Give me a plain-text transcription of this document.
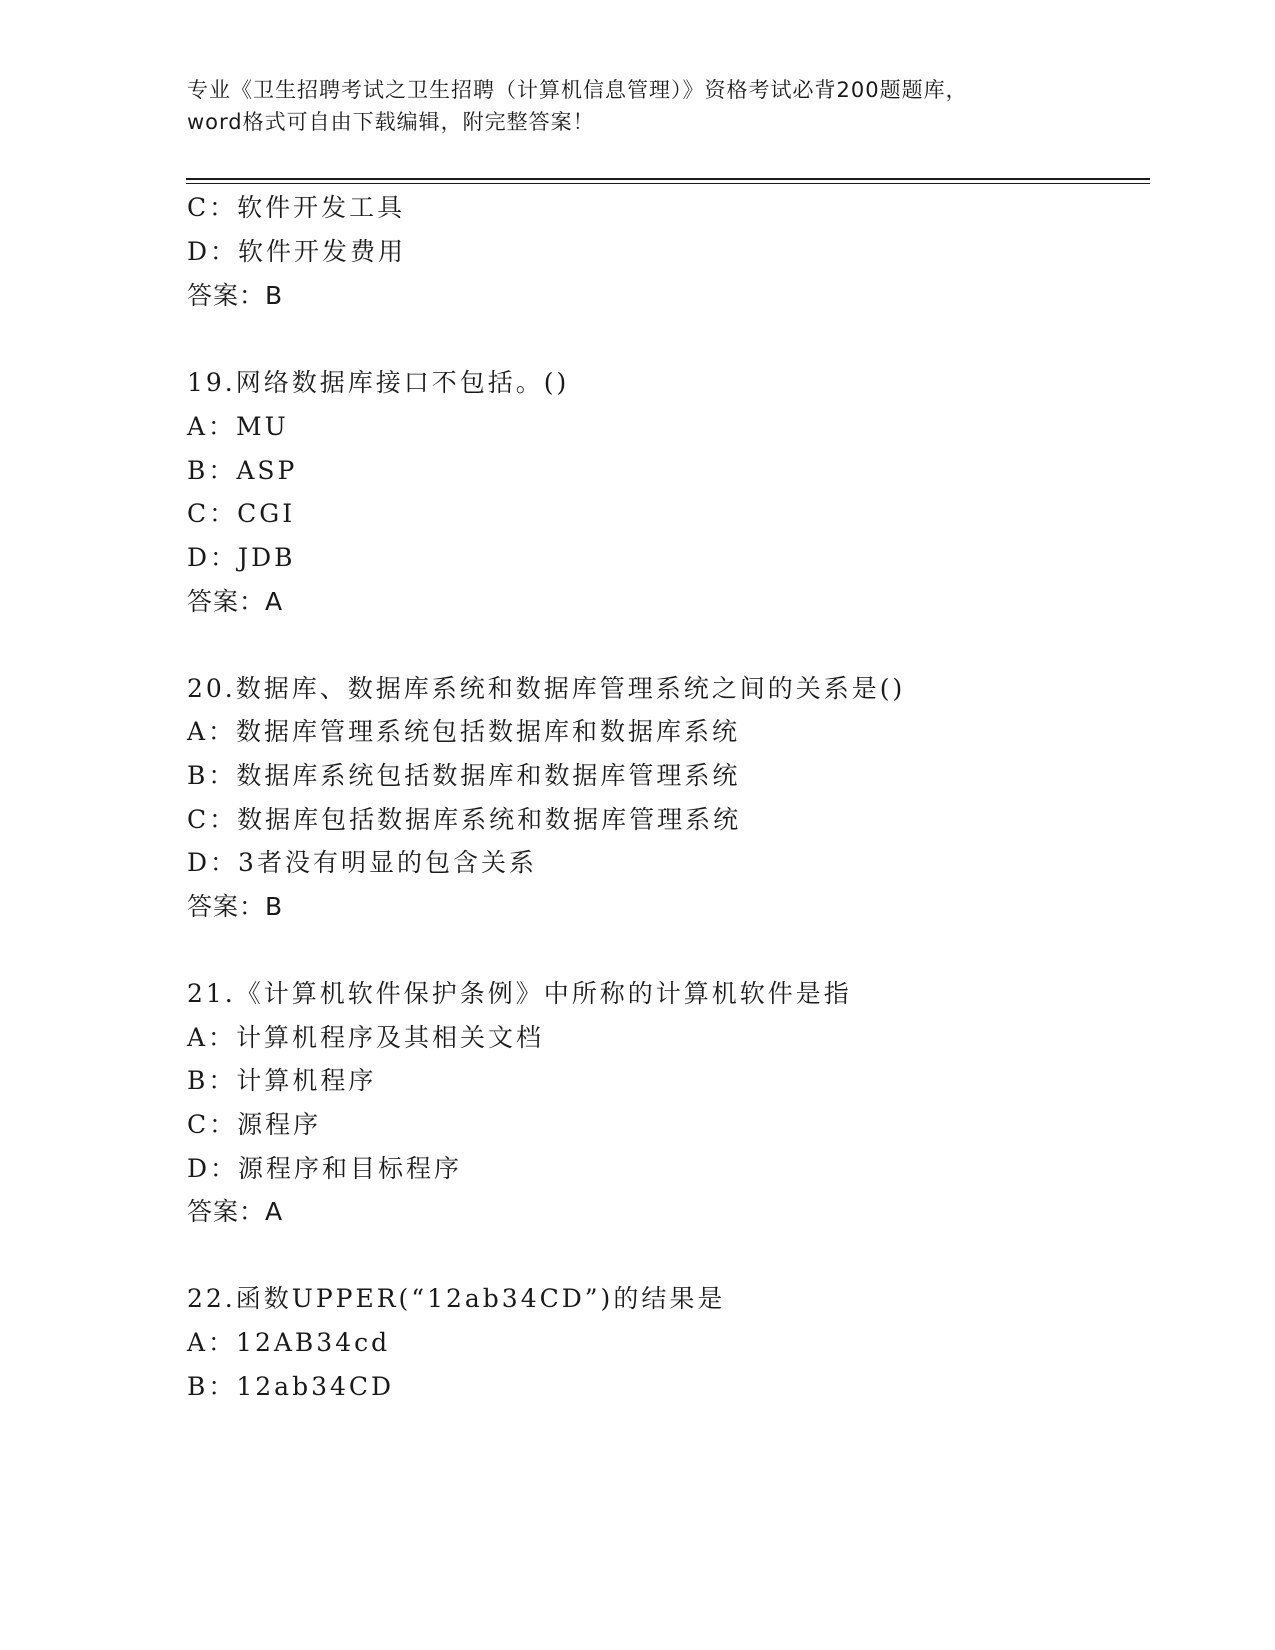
专业《卫生招聘考试之卫生招聘（计算机信息管理）》资格考试必背200题题库，
word格式可自由下载编辑，附完整答案！
C：软件开发工具
D：软件开发费用
答案：B
19.网络数据库接口不包括。()
A：MU
B：ASP
C：CGI
D：JDB
答案：A
20.数据库、数据库系统和数据库管理系统之间的关系是()
A：数据库管理系统包括数据库和数据库系统
B：数据库系统包括数据库和数据库管理系统
C：数据库包括数据库系统和数据库管理系统
D：3者没有明显的包含关系
答案：B
21.《计算机软件保护条例》中所称的计算机软件是指
A：计算机程序及其相关文档
B：计算机程序
C：源程序
D：源程序和目标程序
答案：A
22.函数UPPER(“12ab34CD”)的结果是
A：12AB34cd
B：12ab34CD
